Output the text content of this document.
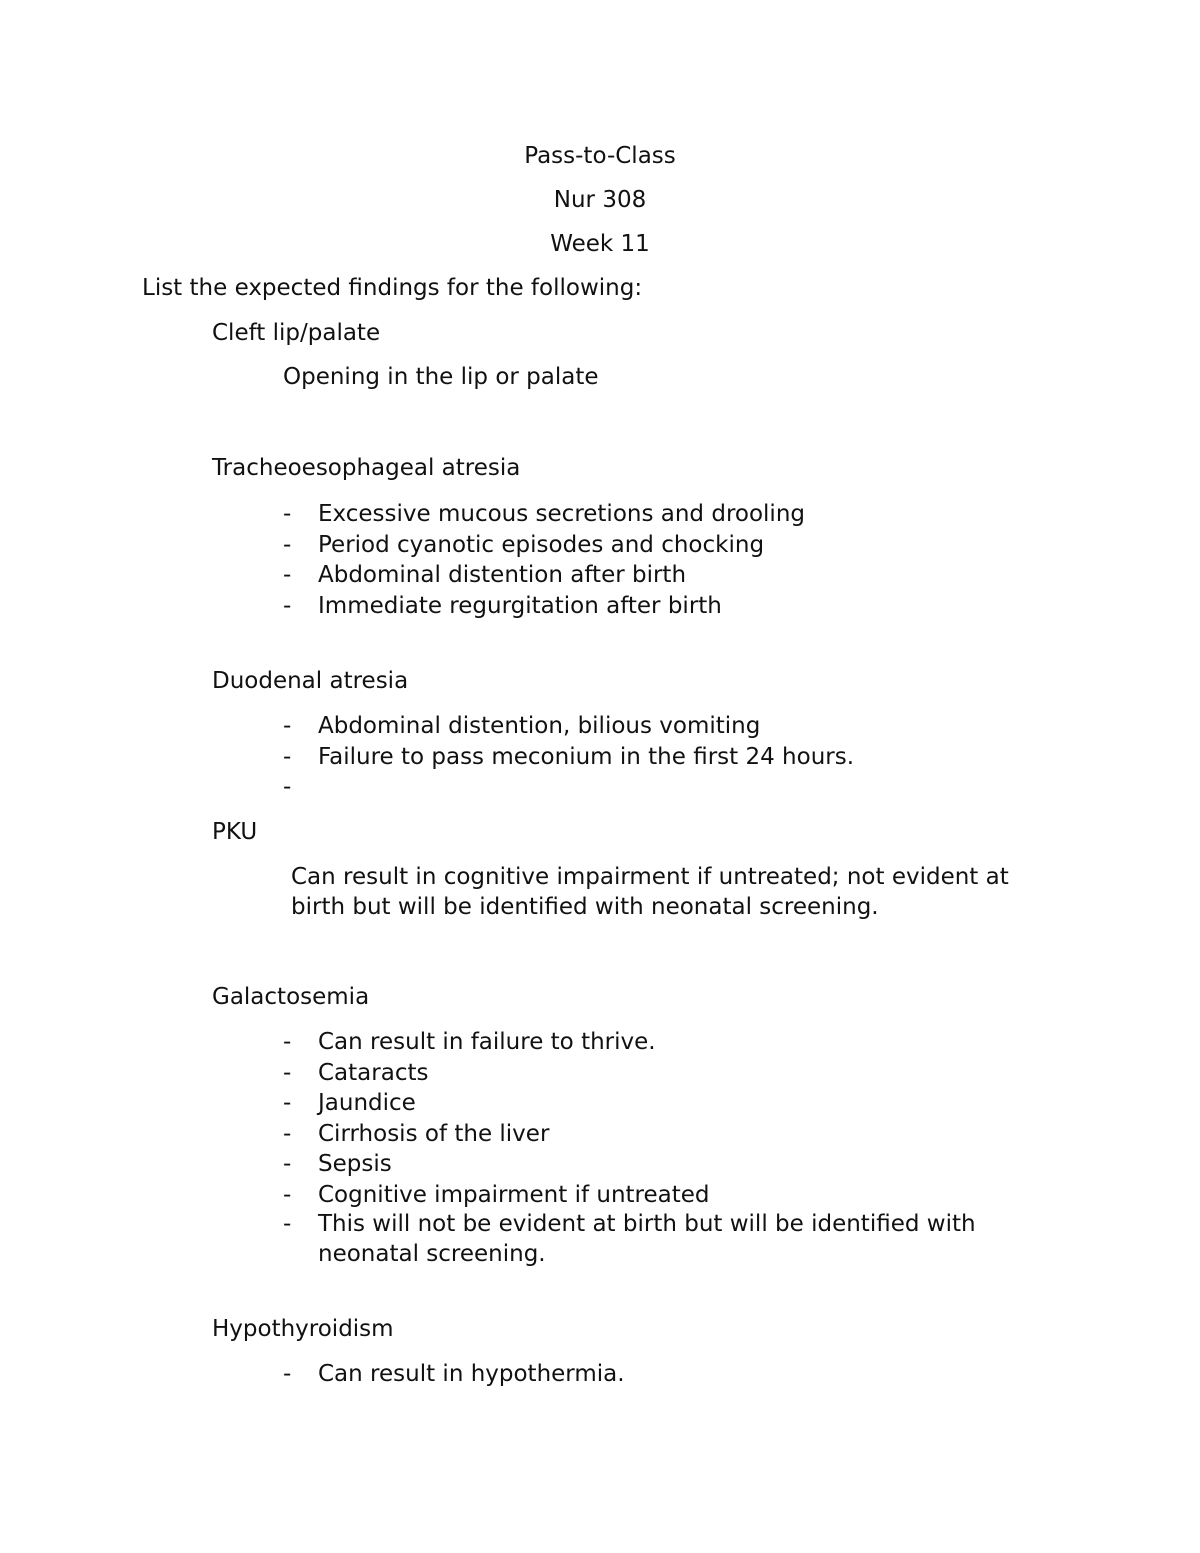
Pass-to-Class

Nur 308

Week 11

List the expected findings for the following:

Cleft lip/palate

Opening in the lip or palate

Tracheoesophageal atresia

- Excessive mucous secretions and drooling
- Period cyanotic episodes and chocking
- Abdominal distention after birth
- Immediate regurgitation after birth

Duodenal atresia

- Abdominal distention, bilious vomiting
- Failure to pass meconium in the first 24 hours.
-

PKU

Can result in cognitive impairment if untreated; not evident at birth but will be identified with neonatal screening.

Galactosemia

- Can result in failure to thrive.
- Cataracts
- Jaundice
- Cirrhosis of the liver
- Sepsis
- Cognitive impairment if untreated
-	This will not be evident at birth but will be identified with neonatal screening.

Hypothyroidism

- Can result in hypothermia.
